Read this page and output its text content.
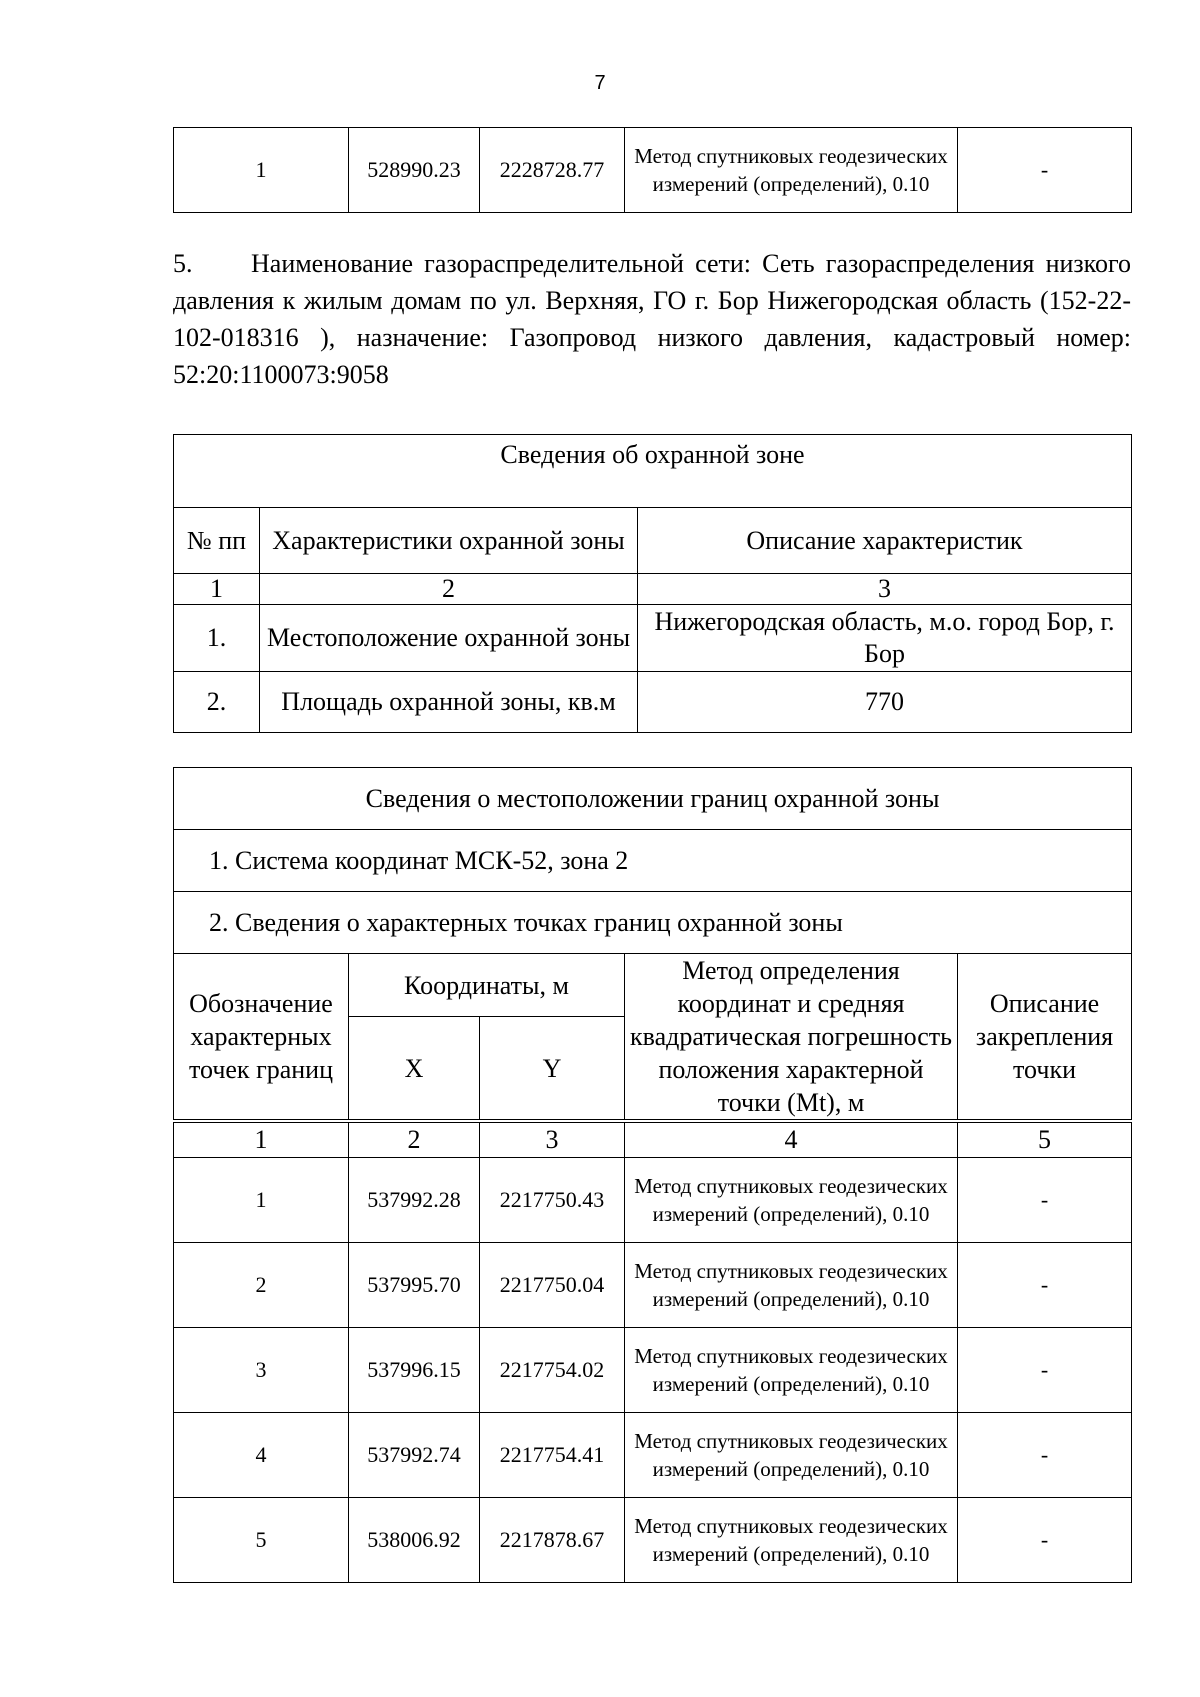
7
1	528990.23	2228728.77	Метод спутниковых геодезических измерений (определений), 0.10	-
5. Наименование газораспределительной сети: Сеть газораспределения низкого давления к жилым домам по ул. Верхняя, ГО г. Бор Нижегородская область (152-22-102-018316 ), назначение: Газопровод низкого давления, кадастровый номер: 52:20:1100073:9058
Сведения об охранной зоне		
№ пп	Характеристики охранной зоны	Описание характеристик
1	2	3
1.	Местоположение охранной зоны	Нижегородская область, м.о. город Бор, г. Бор
2.	Площадь охранной зоны, кв.м	770
Сведения о местоположении границ охранной зоны				
1. Система координат МСК-52, зона 2				
2. Сведения о характерных точках границ охранной зоны				
Обозначение характерных точек границ	Координаты, м		Метод определения координат и средняя квадратическая погрешность положения характерной точки (Mt), м	Описание закрепления точки
	X	Y		

1	2	3	4	5
1	537992.28	2217750.43	Метод спутниковых геодезических измерений (определений), 0.10	-
2	537995.70	2217750.04	Метод спутниковых геодезических измерений (определений), 0.10	-
3	537996.15	2217754.02	Метод спутниковых геодезических измерений (определений), 0.10	-
4	537992.74	2217754.41	Метод спутниковых геодезических измерений (определений), 0.10	-
5	538006.92	2217878.67	Метод спутниковых геодезических измерений (определений), 0.10	-
